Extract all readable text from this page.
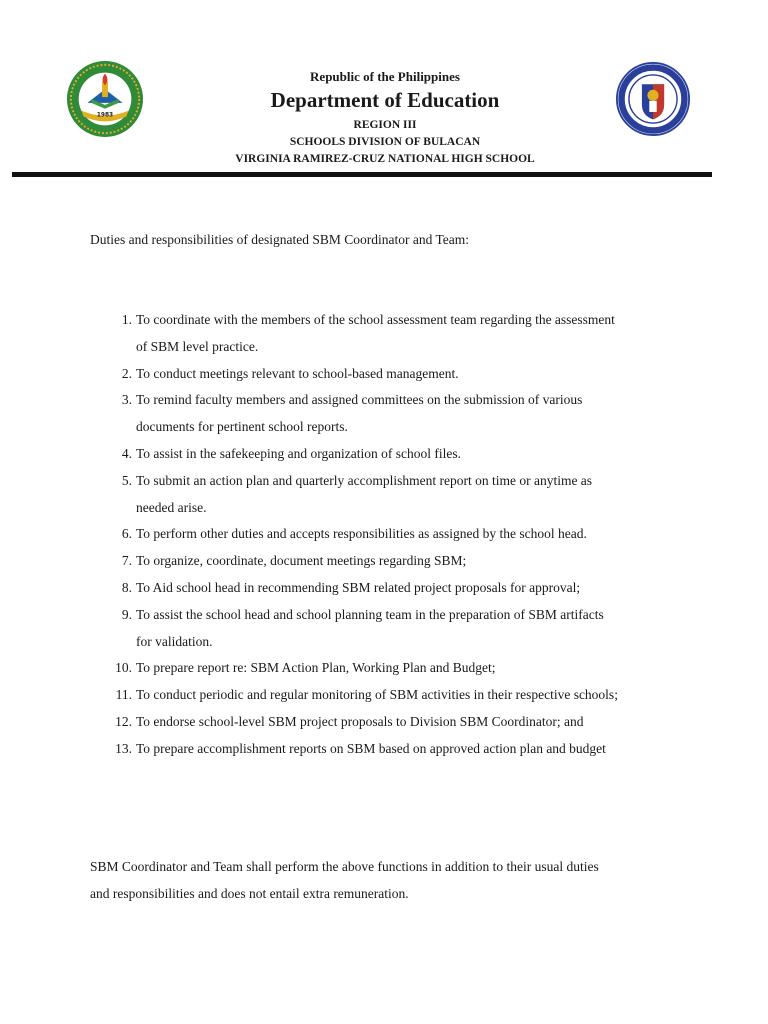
1983
Republic of the Philippines
Department of Education
REGION III
SCHOOLS DIVISION OF BULACAN
VIRGINIA RAMIREZ-CRUZ NATIONAL HIGH SCHOOL
Duties and responsibilities of designated SBM Coordinator and Team:
1. To coordinate with the members of the school assessment team regarding the assessment
of SBM level practice.
2. To conduct meetings relevant to school-based management.
3. To remind faculty members and assigned committees on the submission of various
documents for pertinent school reports.
4. To assist in the safekeeping and organization of school files.
5. To submit an action plan and quarterly accomplishment report on time or anytime as
needed arise.
6. To perform other duties and accepts responsibilities as assigned by the school head.
7. To organize, coordinate, document meetings regarding SBM;
8. To Aid school head in recommending SBM related project proposals for approval;
9. To assist the school head and school planning team in the preparation of SBM artifacts
for validation.
10. To prepare report re: SBM Action Plan, Working Plan and Budget;
11. To conduct periodic and regular monitoring of SBM activities in their respective schools;
12. To endorse school-level SBM project proposals to Division SBM Coordinator; and
13. To prepare accomplishment reports on SBM based on approved action plan and budget
SBM Coordinator and Team shall perform the above functions in addition to their usual duties
and responsibilities and does not entail extra remuneration.
